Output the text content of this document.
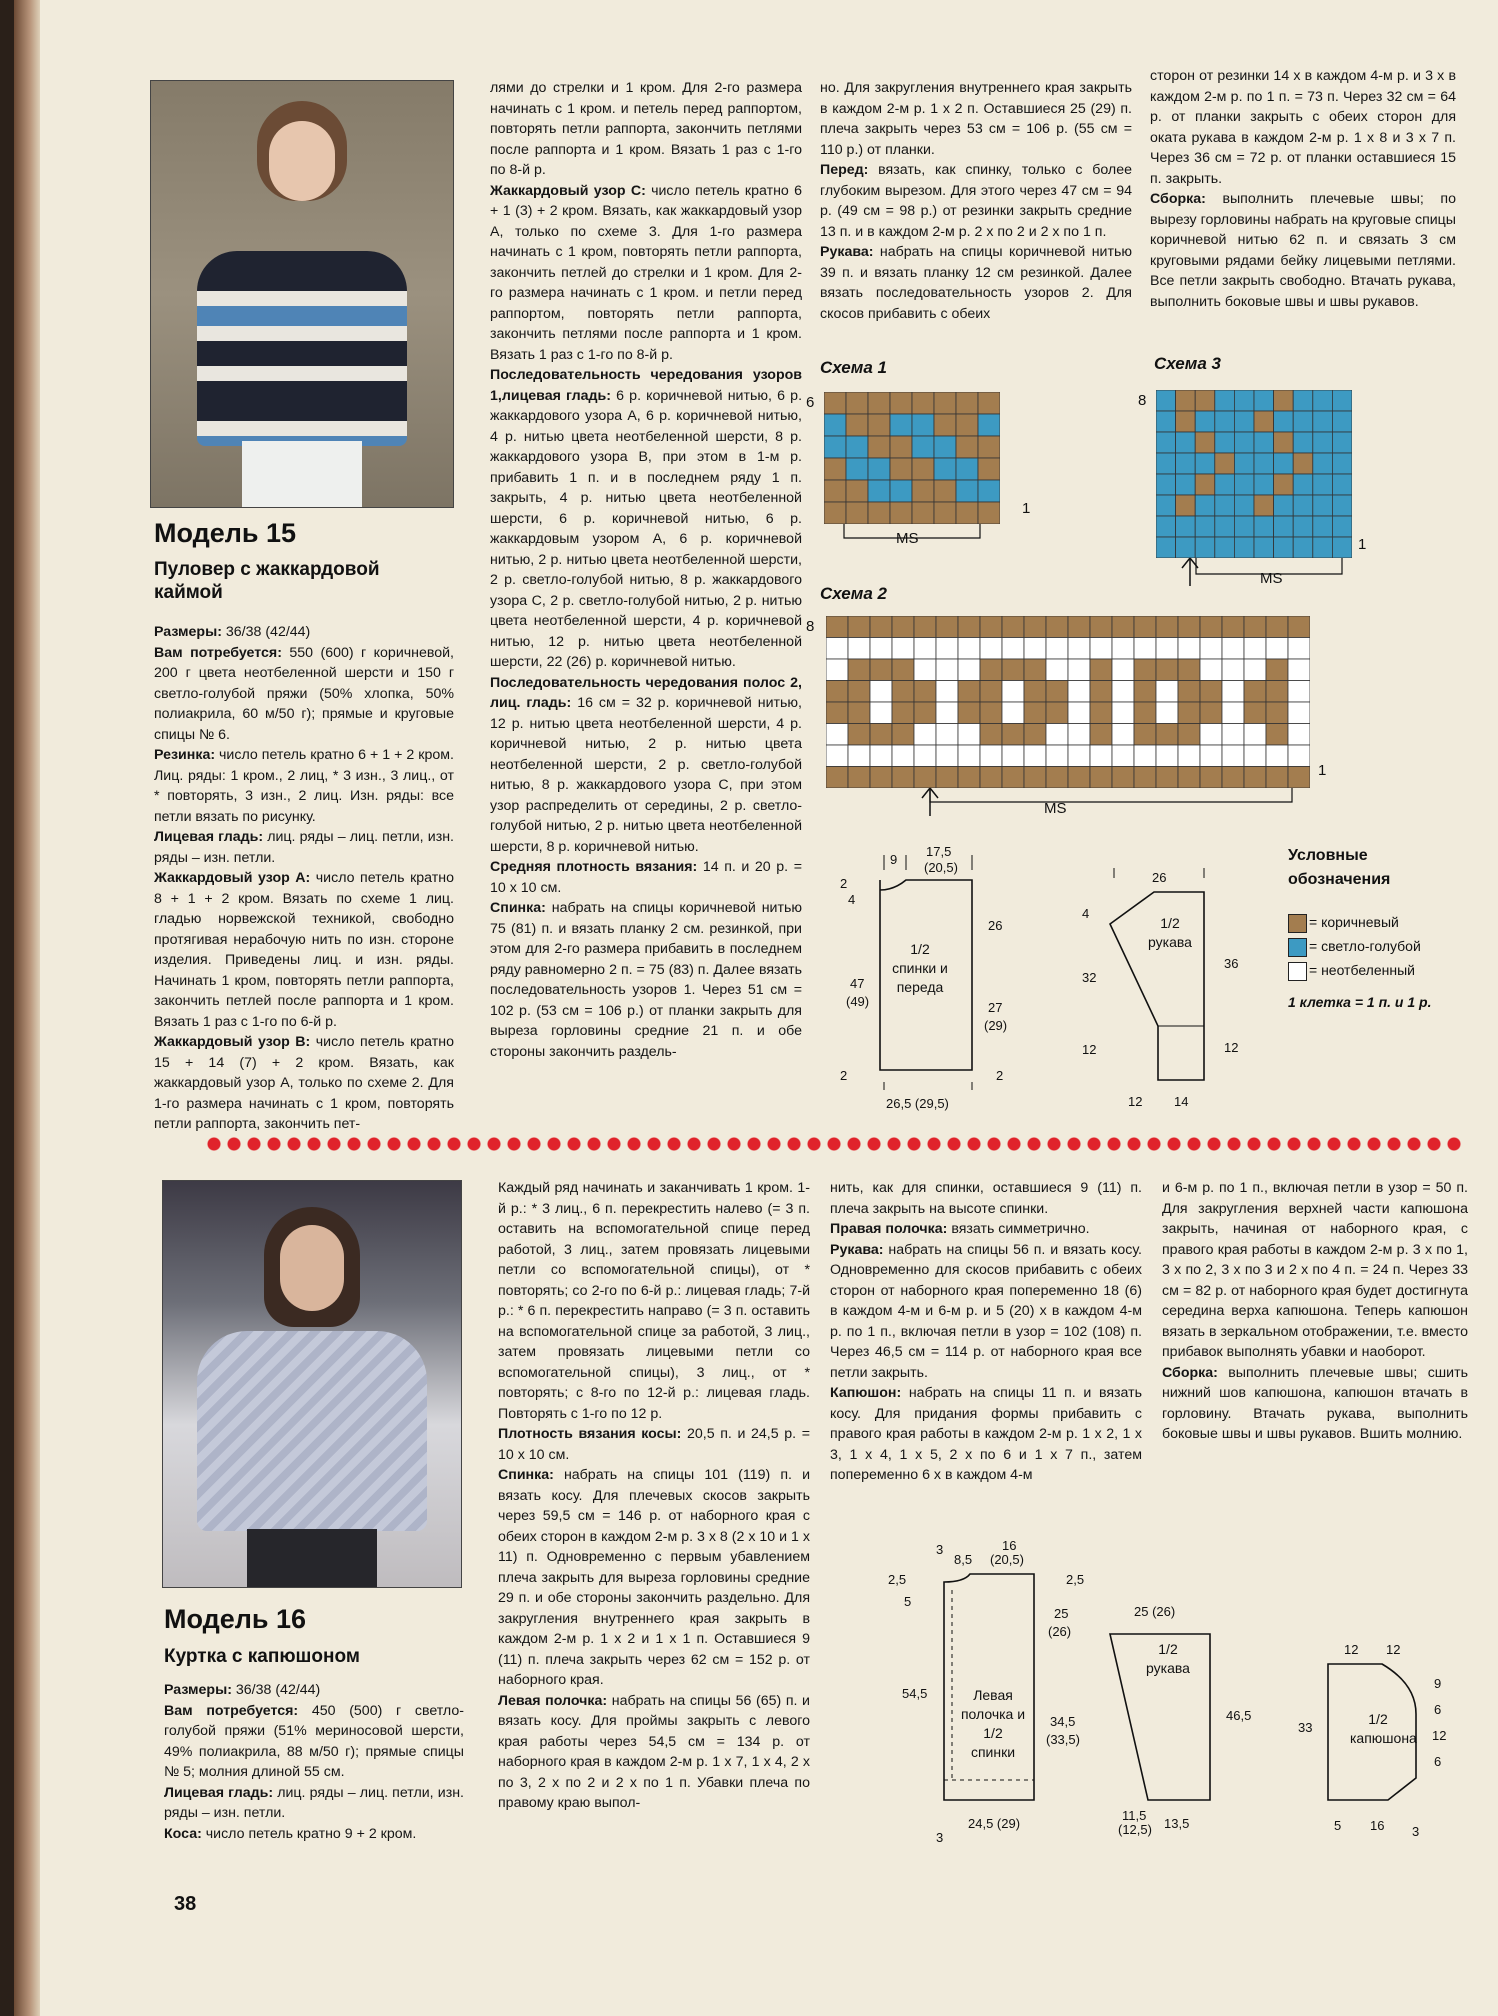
Модель 15
Пуловер с жаккардовой каймой

Размеры: 36/38 (42/44)

Вам потребуется: 550 (600) г коричневой, 200 г цвета неотбеленной шерсти и 150 г светло-голубой пряжи (50% хлопка, 50% полиакрила, 60 м/50 г); прямые и круговые спицы № 6.

Резинка: число петель кратно 6 + 1 + 2 кром. Лиц. ряды: 1 кром., 2 лиц, * 3 изн., 3 лиц., от * повторять, 3 изн., 2 лиц. Изн. ряды: все петли вязать по рисунку.

Лицевая гладь: лиц. ряды – лиц. петли, изн. ряды – изн. петли.

Жаккардовый узор А: число петель кратно 8 + 1 + 2 кром. Вязать по схеме 1 лиц. гладью норвежской техникой, свободно протягивая нерабочую нить по изн. стороне изделия. Приведены лиц. и изн. ряды. Начинать 1 кром, повторять петли раппорта, закончить петлей после раппорта и 1 кром. Вязать 1 раз с 1-го по 6-й р.

Жаккардовый узор В: число петель кратно 15 + 14 (7) + 2 кром. Вязать, как жаккардовый узор А, только по схеме 2. Для 1-го размера начинать с 1 кром, повторять петли раппорта, закончить пет-

лями до стрелки и 1 кром. Для 2-го размера начинать с 1 кром. и петель перед раппортом, повторять петли раппорта, закончить петлями после раппорта и 1 кром. Вязать 1 раз с 1-го по 8-й р.

Жаккардовый узор С: число петель кратно 6 + 1 (3) + 2 кром. Вязать, как жаккардовый узор А, только по схеме 3. Для 1-го размера начинать с 1 кром, повторять петли раппорта, закончить петлей до стрелки и 1 кром. Для 2-го размера начинать с 1 кром. и петли перед раппортом, повторять петли раппорта, закончить петлями после раппорта и 1 кром. Вязать 1 раз с 1-го по 8-й р.

Последовательность чередования узоров 1,лицевая гладь: 6 р. коричневой нитью, 6 р. жаккардового узора А, 6 р. коричневой нитью, 4 р. нитью цвета неотбеленной шерсти, 8 р. жаккардового узора В, при этом в 1-м р. прибавить 1 п. и в последнем ряду 1 п. закрыть, 4 р. нитью цвета неотбеленной шерсти, 6 р. коричневой нитью, 6 р. жаккардовым узором А, 6 р. коричневой нитью, 2 р. нитью цвета неотбеленной шерсти, 2 р. светло-голубой нитью, 8 р. жаккардового узора С, 2 р. светло-голубой нитью, 2 р. нитью цвета неотбеленной шерсти, 4 р. коричневой нитью, 12 р. нитью цвета неотбеленной шерсти, 22 (26) р. коричневой нитью.

Последовательность чередования полос 2, лиц. гладь: 16 см = 32 р. коричневой нитью, 12 р. нитью цвета неотбеленной шерсти, 4 р. коричневой нитью, 2 р. нитью цвета неотбеленной шерсти, 2 р. светло-голубой нитью, 8 р. жаккардового узора С, при этом узор распределить от середины, 2 р. светло-голубой нитью, 2 р. нитью цвета неотбеленной шерсти, 8 р. коричневой нитью.

Средняя плотность вязания: 14 п. и 20 р. = 10 x 10 см.

Спинка: набрать на спицы коричневой нитью 75 (81) п. и вязать планку 2 см. резинкой, при этом для 2-го размера прибавить в последнем ряду равномерно 2 п. = 75 (83) п. Далее вязать последовательность узоров 1. Через 51 см = 102 р. (53 см = 106 р.) от планки закрыть для выреза горловины средние 21 п. и обе стороны закончить раздель-

но. Для закругления внутреннего края закрыть в каждом 2-м р. 1 x 2 п. Оставшиеся 25 (29) п. плеча закрыть через 53 см = 106 р. (55 см = 110 р.) от планки.

Перед: вязать, как спинку, только с более глубоким вырезом. Для этого через 47 см = 94 р. (49 см = 98 р.) от резинки закрыть средние 13 п. и в каждом 2-м р. 2 x по 2 и 2 x по 1 п.

Рукава: набрать на спицы коричневой нитью 39 п. и вязать планку 12 см резинкой. Далее вязать последовательность узоров 2. Для скосов прибавить с обеих

сторон от резинки 14 x в каждом 4-м р. и 3 x в каждом 2-м р. по 1 п. = 73 п. Через 32 см = 64 р. от планки закрыть с обеих сторон для оката рукава в каждом 2-м р. 1 x 8 и 3 x 7 п. Через 36 см = 72 р. от планки оставшиеся 15 п. закрыть.

Сборка: выполнить плечевые швы; по вырезу горловины набрать на круговые спицы коричневой нитью 62 п. и связать 3 см круговыми рядами бейку лицевыми петлями. Все петли закрыть свободно. Втачать рукава, выполнить боковые швы и швы рукавов.

Схема 1
6
1
MS
Схема 3
8
1
MS
Схема 2
8
1
MS
9
17,5
(20,5)
2
4
26
47
(49)	27
(29)
2	2
26,5 (29,5)
1/2 спинки и переда
26
4
36
32
12	12
12 14
1/2 рукава
Условные обозначения
= коричневый
= светло-голубой
= неотбеленный
1 клетка = 1 п. и 1 р.
Модель 16
Куртка с капюшоном

Размеры: 36/38 (42/44)

Вам потребуется: 450 (500) г светло-голубой пряжи (51% мериносовой шерсти, 49% полиакрила, 88 м/50 г); прямые спицы № 5; молния длиной 55 см.

Лицевая гладь: лиц. ряды – лиц. петли, изн. ряды – изн. петли.

Коса: число петель кратно 9 + 2 кром.

Каждый ряд начинать и заканчивать 1 кром. 1-й р.: * 3 лиц., 6 п. перекрестить налево (= 3 п. оставить на вспомогательной спице перед работой, 3 лиц., затем провязать лицевыми петли со вспомогательной спицы), от * повторять; со 2-го по 6-й р.: лицевая гладь; 7-й р.: * 6 п. перекрестить направо (= 3 п. оставить на вспомогательной спице за работой, 3 лиц., затем провязать лицевыми петли со вспомогательной спицы), 3 лиц., от * повторять; с 8-го по 12-й р.: лицевая гладь. Повторять с 1-го по 12 р.

Плотность вязания косы: 20,5 п. и 24,5 р. = 10 x 10 см.

Спинка: набрать на спицы 101 (119) п. и вязать косу. Для плечевых скосов закрыть через 59,5 см = 146 р. от наборного края с обеих сторон в каждом 2-м р. 3 x 8 (2 x 10 и 1 x 11) п. Одновременно с первым убавлением плеча закрыть для выреза горловины средние 29 п. и обе стороны закончить раздельно. Для закругления внутреннего края закрыть в каждом 2-м р. 1 x 2 и 1 x 1 п. Оставшиеся 9 (11) п. плеча закрыть через 62 см = 152 р. от наборного края.

Левая полочка: набрать на спицы 56 (65) п. и вязать косу. Для проймы закрыть с левого края работы через 54,5 см = 134 р. от наборного края в каждом 2-м р. 1 x 7, 1 x 4, 2 x по 3, 2 x по 2 и 2 x по 1 п. Убавки плеча по правому краю выпол-

нить, как для спинки, оставшиеся 9 (11) п. плеча закрыть на высоте спинки.

Правая полочка: вязать симметрично.

Рукава: набрать на спицы 56 п. и вязать косу. Одновременно для скосов прибавить с обеих сторон от наборного края попеременно 18 (6) в каждом 4-м и 6-м р. и 5 (20) x в каждом 4-м р. по 1 п., включая петли в узор = 102 (108) п. Через 46,5 см = 114 р. от наборного края все петли закрыть.

Капюшон: набрать на спицы 11 п. и вязать косу. Для придания формы прибавить с правого края работы в каждом 2-м р. 1 x 2, 1 x 3, 1 x 4, 1 x 5, 2 x по 6 и 1 x 7 п., затем попеременно 6 x в каждом 4-м

и 6-м р. по 1 п., включая петли в узор = 50 п. Для закругления верхней части капюшона закрыть, начиная от наборного края, с правого края работы в каждом 2-м р. 3 x по 1, 3 x по 2, 3 x по 3 и 2 x по 4 п. = 24 п. Через 33 см = 82 р. от наборного края будет достигнута середина верха капюшона. Теперь капюшон вязать в зеркальном отображении, т.е. вместо прибавок выполнять убавки и наоборот.

Сборка: выполнить плечевые швы; сшить нижний шов капюшона, капюшон втачать в горловину. Втачать рукава, выполнить боковые швы и швы рукавов. Вшить молнию.

3
8,5
16
(20,5)
2,5
5
2,5
25
(26)
54,5
34,5
(33,5)
3
24,5 (29)
Левая полочка и 1/2 спинки
25 (26)
46,5
11,5
(12,5) 13,5
1/2 рукава
12 12
9
6
12
6
33
5 16 3
1/2 капюшона
38
